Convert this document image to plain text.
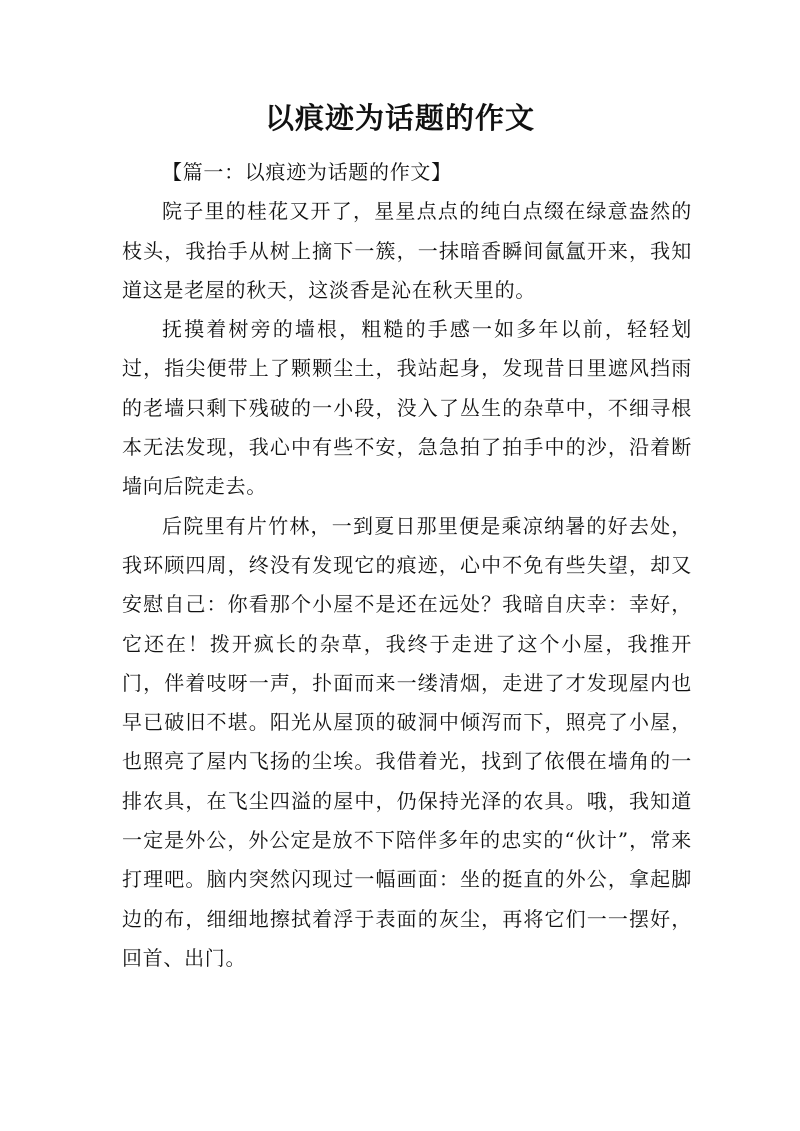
以痕迹为话题的作文

【篇一：以痕迹为话题的作文】

院子里的桂花又开了，星星点点的纯白点缀在绿意盎然的枝头，我抬手从树上摘下一簇，一抹暗香瞬间氤氲开来，我知道这是老屋的秋天，这淡香是沁在秋天里的。

抚摸着树旁的墙根，粗糙的手感一如多年以前，轻轻划过，指尖便带上了颗颗尘土，我站起身，发现昔日里遮风挡雨的老墙只剩下残破的一小段，没入了丛生的杂草中，不细寻根本无法发现，我心中有些不安，急急拍了拍手中的沙，沿着断墙向后院走去。

后院里有片竹林，一到夏日那里便是乘凉纳暑的好去处，我环顾四周，终没有发现它的痕迹，心中不免有些失望，却又安慰自己：你看那个小屋不是还在远处？我暗自庆幸：幸好，它还在！拨开疯长的杂草，我终于走进了这个小屋，我推开门，伴着吱呀一声，扑面而来一缕清烟，走进了才发现屋内也早已破旧不堪。阳光从屋顶的破洞中倾泻而下，照亮了小屋，也照亮了屋内飞扬的尘埃。我借着光，找到了依偎在墙角的一排农具，在飞尘四溢的屋中，仍保持光泽的农具。哦，我知道一定是外公，外公定是放不下陪伴多年的忠实的“伙计”，常来打理吧。脑内突然闪现过一幅画面：坐的挺直的外公，拿起脚边的布，细细地擦拭着浮于表面的灰尘，再将它们一一摆好，回首、出门。
